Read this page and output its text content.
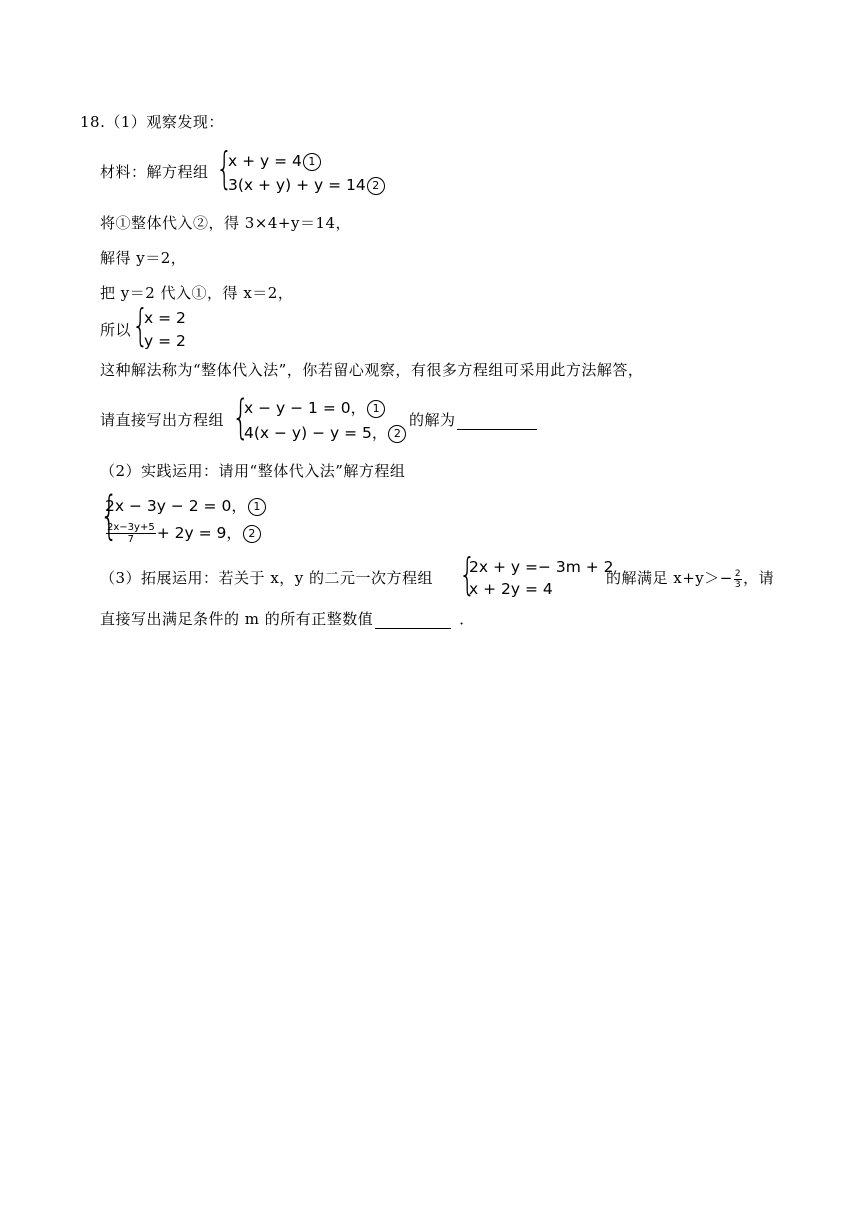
18.（1）观察发现：
材料：解方程组 {
x + y = 4 1
3(x + y) + y = 14 2
将①整体代入②，得 3×4+y＝14，
解得 y＝2，
把 y＝2 代入①，得 x＝2，
所以 {
x = 2
y = 2
这种解法称为“整体代入法”，你若留心观察，有很多方程组可采用此方法解答，
请直接写出方程组 {
x − y − 1 = 0， 1
4(x − y) − y = 5， 2
的解为
（2）实践运用：请用“整体代入法”解方程组
{
2x − 3y − 2 = 0， 1
$\frac{2x-3y+5}{7} + 2y = 9$， 2
（3）拓展运用：若关于 x，y 的二元一次方程组 {
2x + y =− 3m + 2
x + 2y = 4
的解满足 $x+y>- \frac{2}{3}$ ，请
直接写出满足条件的 m 的所有正整数值	．
